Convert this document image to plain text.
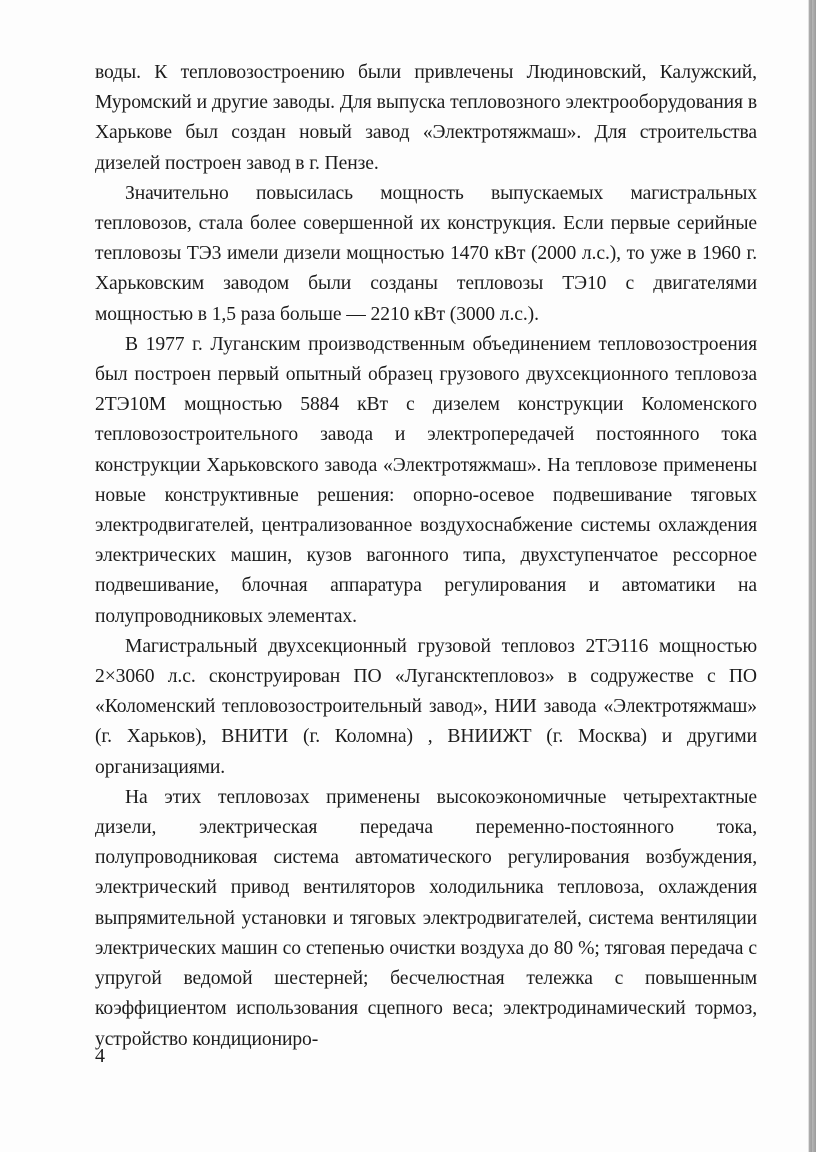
воды. К тепловозостроению были привлечены Людиновский, Калужский, Муромский и другие заводы. Для выпуска тепловозного электрооборудования в Харькове был создан новый завод «Электротяжмаш». Для строительства дизелей построен завод в г. Пензе.

Значительно повысилась мощность выпускаемых магистральных тепловозов, стала более совершенной их конструкция. Если первые серийные тепловозы ТЭ3 имели дизели мощностью 1470 кВт (2000 л.с.), то уже в 1960 г. Харьковским заводом были созданы тепловозы ТЭ10 с двигателями мощностью в 1,5 раза больше — 2210 кВт (3000 л.с.).

В 1977 г. Луганским производственным объединением тепловозостроения был построен первый опытный образец грузового двухсекционного тепловоза 2ТЭ10М мощностью 5884 кВт с дизелем конструкции Коломенского тепловозостроительного завода и электропередачей постоянного тока конструкции Харьковского завода «Электротяжмаш». На тепловозе применены новые конструктивные решения: опорно-осевое подвешивание тяговых электродвигателей, централизованное воздухоснабжение системы охлаждения электрических машин, кузов вагонного типа, двухступенчатое рессорное подвешивание, блочная аппаратура регулирования и автоматики на полупроводниковых элементах.

Магистральный двухсекционный грузовой тепловоз 2ТЭ116 мощностью 2×3060 л.с. сконструирован ПО «Лугансктепловоз» в содружестве с ПО «Коломенский тепловозостроительный завод», НИИ завода «Электротяжмаш» (г. Харьков), ВНИТИ (г. Коломна) , ВНИИЖТ (г. Москва) и другими организациями.

На этих тепловозах применены высокоэкономичные четырехтактные дизели, электрическая передача переменно-постоянного тока, полупроводниковая система автоматического регулирования возбуждения, электрический привод вентиляторов холодильника тепловоза, охлаждения выпрямительной установки и тяговых электродвигателей, система вентиляции электрических машин со степенью очистки воздуха до 80 %; тяговая передача с упругой ведомой шестерней; бесчелюстная тележка с повышенным коэффициентом использования сцепного веса; электродинамический тормоз, устройство кондициониро-

4
